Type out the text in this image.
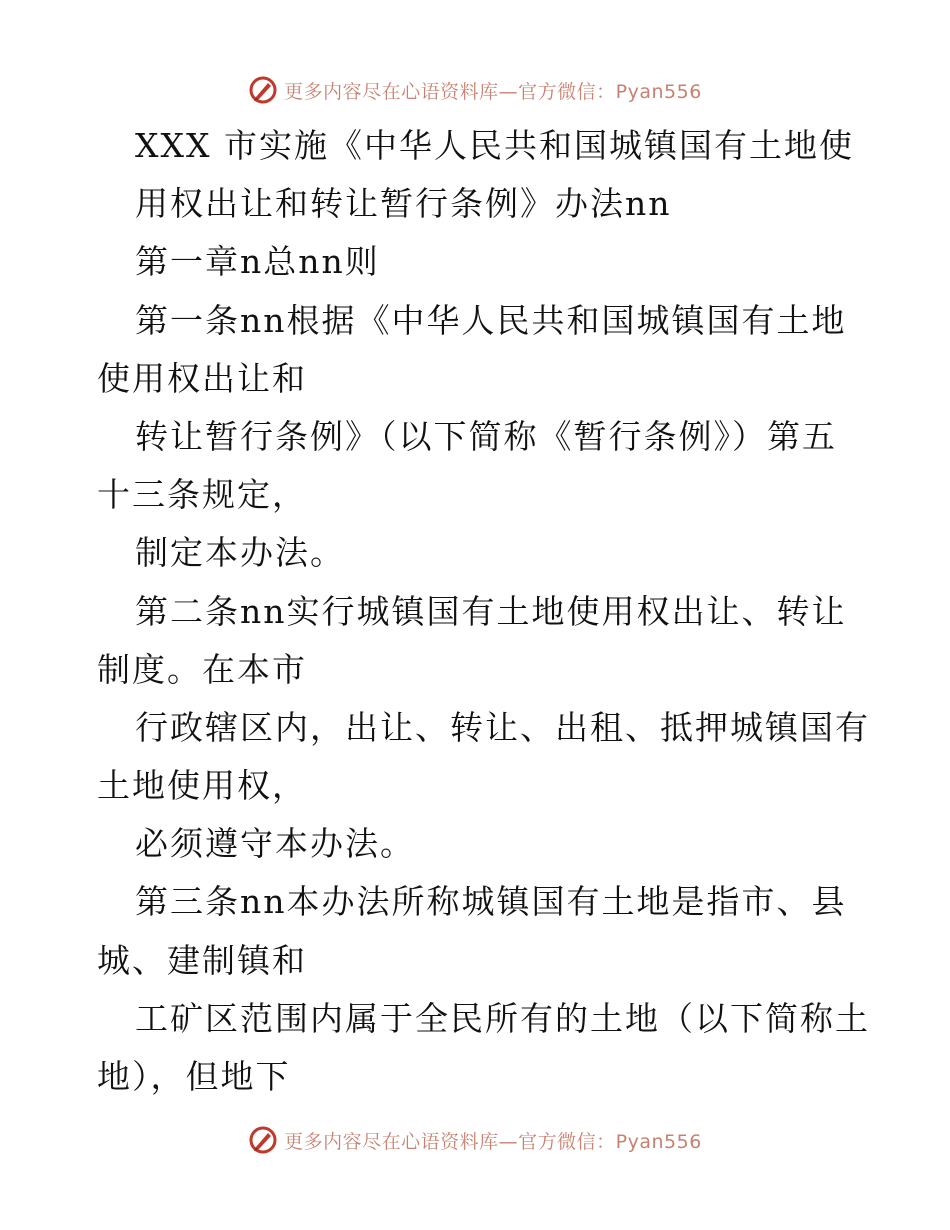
更多内容尽在心语资料库—官方微信：Pyan556
XXX 市实施《中华人民共和国城镇国有土地使
用权出让和转让暂行条例》办法nn
第一章n总nn则
第一条nn根据《中华人民共和国城镇国有土地
使用权出让和
转让暂行条例》（以下简称《暂行条例》）第五
十三条规定，
制定本办法。
第二条nn实行城镇国有土地使用权出让、转让
制度。在本市
行政辖区内，出让、转让、出租、抵押城镇国有
土地使用权，
必须遵守本办法。
第三条nn本办法所称城镇国有土地是指市、县
城、建制镇和
工矿区范围内属于全民所有的土地（以下简称土
地），但地下
更多内容尽在心语资料库—官方微信：Pyan556
